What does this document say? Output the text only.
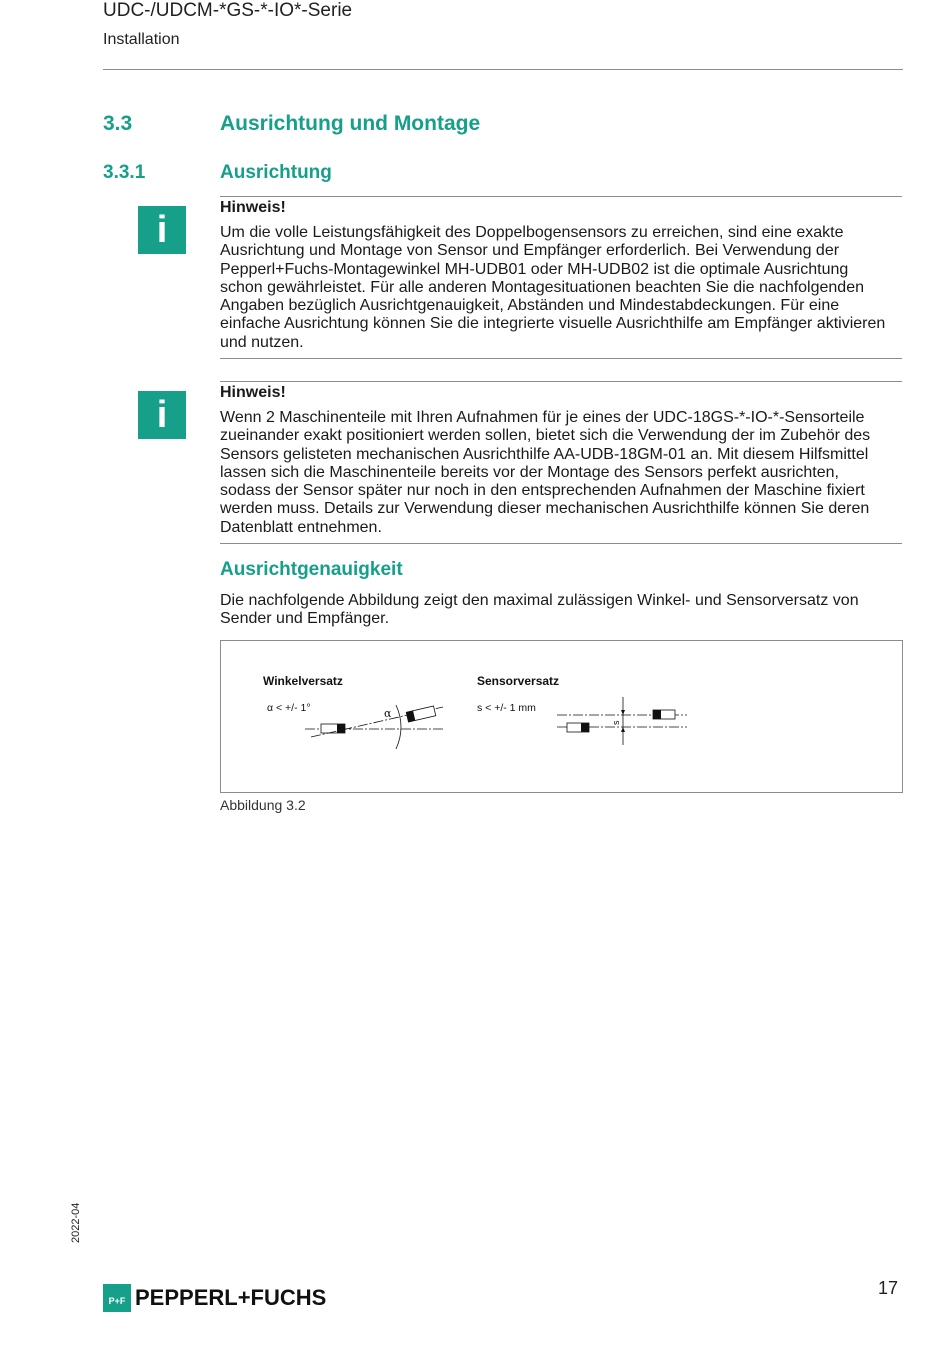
UDC-/UDCM-*GS-*-IO*-Serie
Installation
3.3	Ausrichtung und Montage
3.3.1	Ausrichtung
i
Hinweis!
Um die volle Leistungsfähigkeit des Doppelbogensensors zu erreichen, sind eine exakte
Ausrichtung und Montage von Sensor und Empfänger erforderlich. Bei Verwendung der
Pepperl+Fuchs-Montagewinkel MH-UDB01 oder MH-UDB02 ist die optimale Ausrichtung
schon gewährleistet. Für alle anderen Montagesituationen beachten Sie die nachfolgenden
Angaben bezüglich Ausrichtgenauigkeit, Abständen und Mindestabdeckungen. Für eine
einfache Ausrichtung können Sie die integrierte visuelle Ausrichthilfe am Empfänger aktivieren
und nutzen.
i
Hinweis!
Wenn 2 Maschinenteile mit Ihren Aufnahmen für je eines der UDC-18GS-*-IO-*-Sensorteile
zueinander exakt positioniert werden sollen, bietet sich die Verwendung der im Zubehör des
Sensors gelisteten mechanischen Ausrichthilfe AA-UDB-18GM-01 an. Mit diesem Hilfsmittel
lassen sich die Maschinenteile bereits vor der Montage des Sensors perfekt ausrichten,
sodass der Sensor später nur noch in den entsprechenden Aufnahmen der Maschine fixiert
werden muss. Details zur Verwendung dieser mechanischen Ausrichthilfe können Sie deren
Datenblatt entnehmen.
Ausrichtgenauigkeit
Die nachfolgende Abbildung zeigt den maximal zulässigen Winkel- und Sensorversatz von
Sender und Empfänger.
Winkelversatz
α < +/- 1°	α
Sensorversatz
s < +/- 1 mm
s
Abbildung 3.2
2022-04
17
P+F PEPPERL+FUCHS
